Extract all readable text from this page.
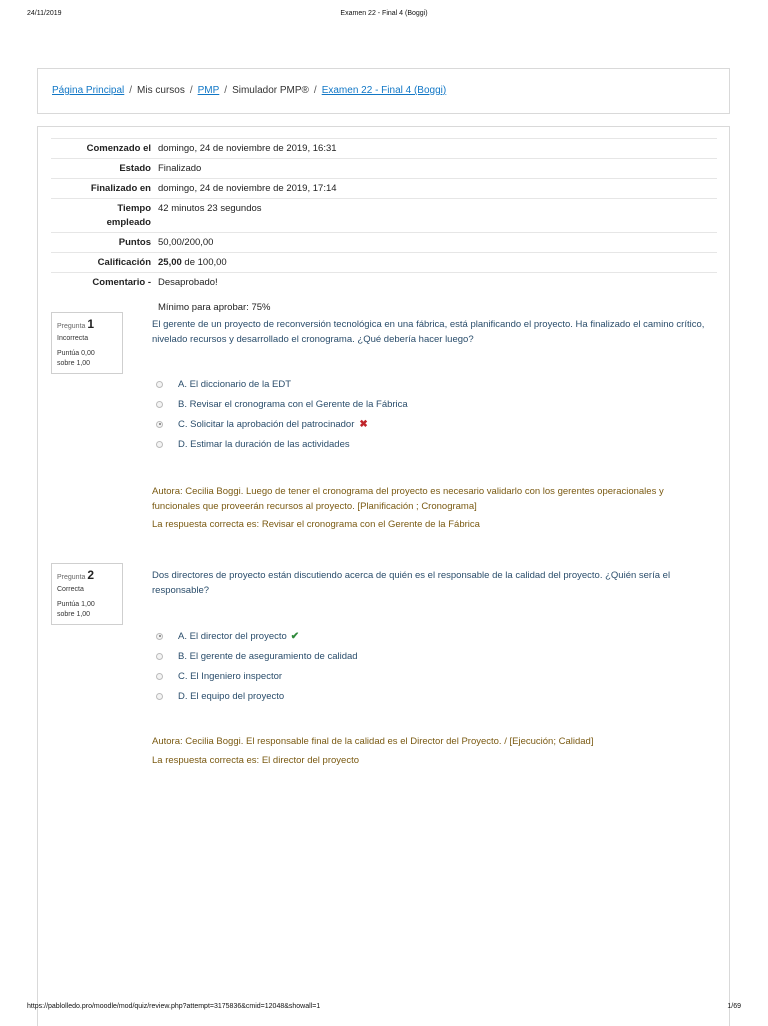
24/11/2019	Examen 22 - Final 4 (Boggi)
Página Principal / Mis cursos / PMP / Simulador PMP® / Examen 22 - Final 4 (Boggi)
Comenzado el domingo, 24 de noviembre de 2019, 16:31
Estado Finalizado
Finalizado en domingo, 24 de noviembre de 2019, 17:14
Tiempo
empleado
42 minutos 23 segundos
Puntos 50,00/200,00
Calificación 25,00 de 100,00
Comentario - Desaprobado!
Mínimo para aprobar: 75%
Pregunta 1
Incorrecta
Puntúa 0,00
sobre 1,00
El gerente de un proyecto de reconversión tecnológica en una fábrica, está planificando el proyecto. Ha finalizado el camino crítico, nivelado recursos y desarrollado el cronograma. ¿Qué debería hacer luego?
A. El diccionario de la EDT
B. Revisar el cronograma con el Gerente de la Fábrica
C. Solicitar la aprobación del patrocinador ✖
D. Estimar la duración de las actividades
Autora: Cecilia Boggi. Luego de tener el cronograma del proyecto es necesario validarlo con los gerentes operacionales y funcionales que proveerán recursos al proyecto. [Planificación ; Cronograma]
La respuesta correcta es: Revisar el cronograma con el Gerente de la Fábrica
Pregunta 2
Correcta
Puntúa 1,00
sobre 1,00
Dos directores de proyecto están discutiendo acerca de quién es el responsable de la calidad del proyecto. ¿Quién sería el responsable?
A. El director del proyecto ✔
B. El gerente de aseguramiento de calidad
C. El Ingeniero inspector
D. El equipo del proyecto
Autora: Cecilia Boggi. El responsable final de la calidad es el Director del Proyecto. / [Ejecución; Calidad]
La respuesta correcta es: El director del proyecto
https://pablolledo.pro/moodle/mod/quiz/review.php?attempt=3175836&cmid=12048&showall=1	1/69
